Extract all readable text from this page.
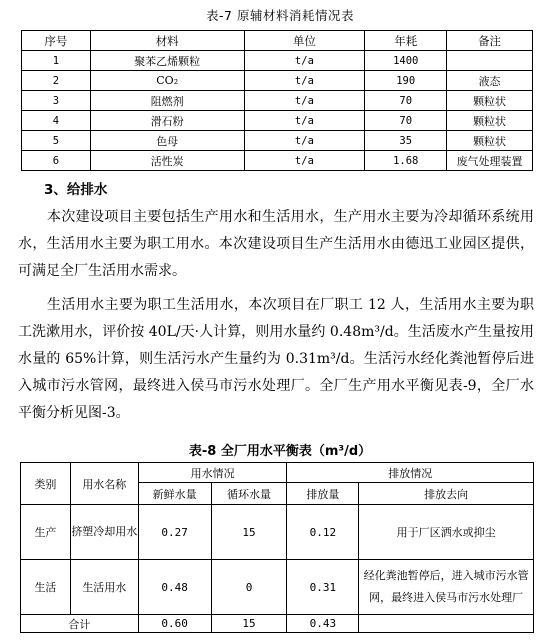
表-7 原辅材料消耗情况表
序号	材料	单位	年耗	备注
1	聚苯乙烯颗粒	t/a	1400	
2	CO₂	t/a	190	液态
3	阻燃剂	t/a	70	颗粒状
4	滑石粉	t/a	70	颗粒状
5	色母	t/a	35	颗粒状
6	活性炭	t/a	1.68	废气处理装置
3、给排水

本次建设项目主要包括生产用水和生活用水，生产用水主要为冷却循环系统用水，生活用水主要为职工用水。本次建设项目生产生活用水由德迅工业园区提供，可满足全厂生活用水需求。

生活用水主要为职工生活用水，本次项目在厂职工 12 人，生活用水主要为职工洗漱用水，评价按 40L/天·人计算，则用水量约 0.48m³/d。生活废水产生量按用水量的 65%计算，则生活污水产生量约为 0.31m³/d。生活污水经化粪池暂停后进入城市污水管网，最终进入侯马市污水处理厂。全厂生产用水平衡见表-9，全厂水平衡分析见图-3。

表-8 全厂用水平衡表（m³/d）
类别	用水名称	用水情况		排放情况	
		新鲜水量	循环水量	排放量	排放去向
生产	挤塑冷却用水	0.27	15	0.12	用于厂区洒水或抑尘
生活	生活用水	0.48	0	0.31	经化粪池暂停后，进入城市污水管网，最终进入侯马市污水处理厂
合计		0.60	15	0.43	
